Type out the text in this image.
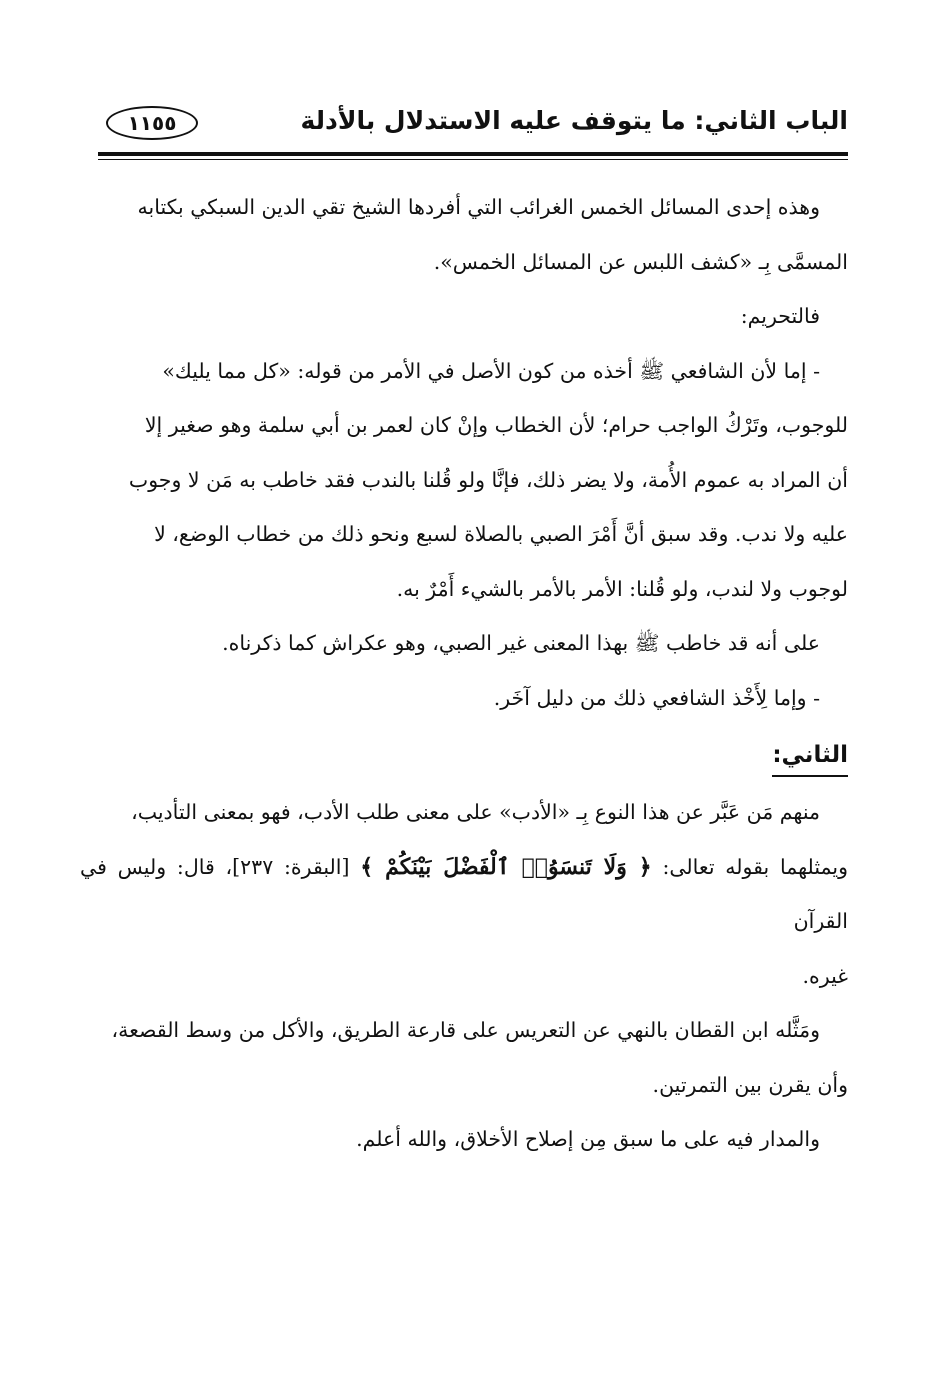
الباب الثاني: ما يتوقف عليه الاستدلال بالأدلة
١١٥٥

وهذه إحدى المسائل الخمس الغرائب التي أفردها الشيخ تقي الدين السبكي بكتابه

المسمَّى بِـ «كشف اللبس عن المسائل الخمس».

فالتحريم:

- إما لأن الشافعي ﷺ أخذه من كون الأصل في الأمر من قوله: «كل مما يليك»

للوجوب، وتَرْكُ الواجب حرام؛ لأن الخطاب وإنْ كان لعمر بن أبي سلمة وهو صغير إلا

أن المراد به عموم الأُمة، ولا يضر ذلك، فإنَّا ولو قُلنا بالندب فقد خاطب به مَن لا وجوب

عليه ولا ندب. وقد سبق أنَّ أَمْرَ الصبي بالصلاة لسبع ونحو ذلك من خطاب الوضع، لا

لوجوب ولا لندب، ولو قُلنا: الأمر بالأمر بالشيء أَمْرٌ به.

على أنه قد خاطب ﷺ بهذا المعنى غير الصبي، وهو عكراش كما ذكرناه.

- وإما لِأَخْذ الشافعي ذلك من دليل آخَر.

الثاني:

منهم مَن عَبَّر عن هذا النوع بِـ «الأدب» على معنى طلب الأدب، فهو بمعنى التأديب،

ويمثلهما بقوله تعالى: ﴿ وَلَا تَنسَوُا۟ ٱلْفَضْلَ بَيْنَكُمْ ﴾ [البقرة: ٢٣٧]، قال: وليس في القرآن

غيره.

ومَثَّله ابن القطان بالنهي عن التعريس على قارعة الطريق، والأكل من وسط القصعة،

وأن يقرن بين التمرتين.

والمدار فيه على ما سبق مِن إصلاح الأخلاق، والله أعلم.
